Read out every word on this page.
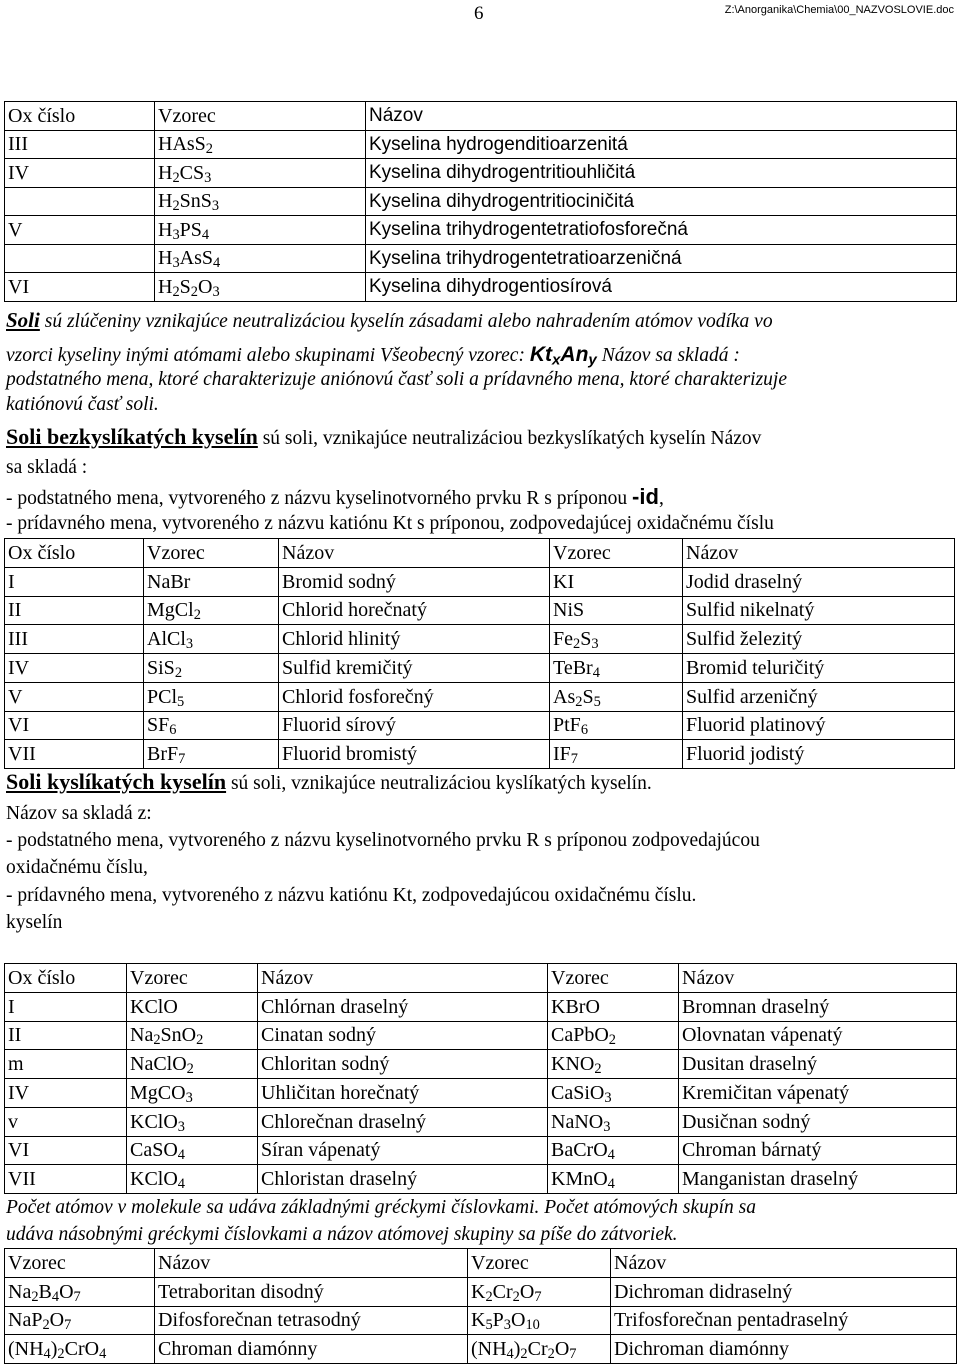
6	Z:\Anorganika\Chemia\00_NAZVOSLOVIE.doc
Ox číslo	Vzorec	Názov
III	HAsS$_2$	Kyselina hydrogenditioarzenitá
IV	$H_2CS_3$	Kyselina dihydrogentritiouhličitá
	$H_2SnS_3$	Kyselina dihydrogentritiociničitá
V	$H_3PS_4$	Kyselina trihydrogentetratiofosforečná
	$H_3AsS_4$	Kyselina trihydrogentetratioarzeničná
VI	$H_2S_2O_3$	Kyselina dihydrogentiosírová
Soli sú zlúčeniny vznikajúce neutralizáciou kyselín zásadami alebo nahradením atómov vodíka vo
vzorci kyseliny inými atómami alebo skupinami Všeobecný vzorec: $Kt_xAn_y$ Názov sa skladá :
podstatného mena, ktoré charakterizuje aniónovú časť soli a prídavného mena, ktoré charakterizuje
katiónovú časť soli.
Soli bezkyslíkatých kyselín sú soli, vznikajúce neutralizáciou bezkyslíkatých kyselín Názov
sa skladá :
- podstatného mena, vytvoreného z názvu kyselinotvorného prvku R s príponou -id,
- prídavného mena, vytvoreného z názvu katiónu Kt s príponou, zodpovedajúcej oxidačnému číslu
Ox číslo	Vzorec	Názov	Vzorec	Názov
I	NaBr	Bromid sodný	KI	Jodid draselný
II	MgCl$_2$	Chlorid horečnatý	NiS	Sulfid nikelnatý
III	AlCl$_3$	Chlorid hlinitý	$Fe_2S_3$	Sulfid železitý
IV	SiS$_2$	Sulfid kremičitý	TeBr$_4$	Bromid teluričitý
V	PCl$_5$	Chlorid fosforečný	$As_2S_5$	Sulfid arzeničný
VI	$SF_6$	Fluorid sírový	PtF$_6$	Fluorid platinový
VII	BrF$_7$	Fluorid bromistý	$IF_7$	Fluorid jodistý
Soli kyslíkatých kyselín sú soli, vznikajúce neutralizáciou kyslíkatých kyselín.
Názov sa skladá z:
- podstatného mena, vytvoreného z názvu kyselinotvorného prvku R s príponou zodpovedajúcou
oxidačnému číslu,
- prídavného mena, vytvoreného z názvu katiónu Kt, zodpovedajúcou oxidačnému číslu.
kyselín
Ox číslo	Vzorec	Názov	Vzorec	Názov
I	KClO	Chlórnan draselný	KBrO	Bromnan draselný
II	$Na_2SnO_2$	Cinatan sodný	CaPbO$_2$	Olovnatan vápenatý
m	NaClO$_2$	Chloritan sodný	$KNO_2$	Dusitan draselný
IV	MgCO$_3$	Uhličitan horečnatý	CaSiO$_3$	Kremičitan vápenatý
v	KClO$_3$	Chlorečnan draselný	NaNO$_3$	Dusičnan sodný
VI	CaSO$_4$	Síran vápenatý	BaCrO$_4$	Chroman bárnatý
VII	KClO$_4$	Chloristan draselný	KMnO$_4$	Manganistan draselný
Počet atómov v molekule sa udáva základnými gréckymi číslovkami. Počet atómových skupín sa
udáva násobnými gréckymi číslovkami a názov atómovej skupiny sa píše do zátvoriek.
Vzorec	Názov	Vzorec	Názov
$Na_2B_4O_7$	Tetraboritan disodný	$K_2Cr_2O_7$	Dichroman didraselný
$NaP_2O_7$	Difosforečnan tetrasodný	$K_5P_3O_{10}$	Trifosforečnan pentadraselný
$(NH_4)_2CrO_4$	Chroman diamónny	$(NH_4)_2Cr_2O_7$	Dichroman diamónny
